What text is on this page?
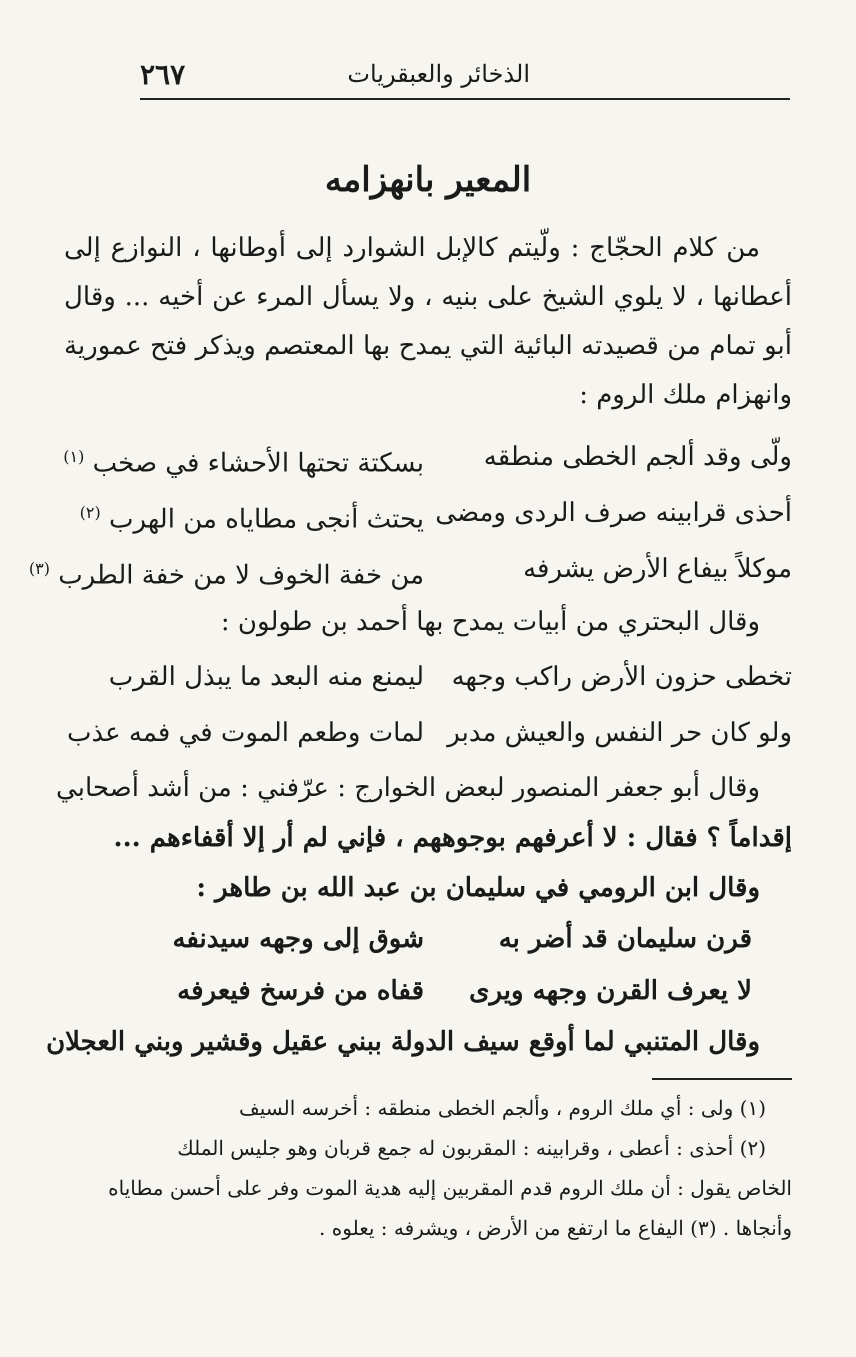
الذخائر والعبقريات
٢٦٧
المعير بانهزامه
من كلام الحجّاج : ولّيتم كالإبل الشوارد إلى أوطانها ، النوازع إلى أعطانها ، لا يلوي الشيخ على بنيه ، ولا يسأل المرء عن أخيه ... وقال أبو تمام من قصيدته البائية التي يمدح بها المعتصم ويذكر فتح عمورية وانهزام ملك الروم :
ولّى وقد ألجم الخطى منطقه
بسكتة تحتها الأحشاء في صخب $^{(١)}$
أحذى قرابينه صرف الردى ومضى
يحتث أنجى مطاياه من الهرب $^{(٢)}$
موكلاً بيفاع الأرض يشرفه
من خفة الخوف لا من خفة الطرب $^{(٣)}$
وقال البحتري من أبيات يمدح بها أحمد بن طولون :
تخطى حزون الأرض راكب وجهه
ليمنع منه البعد ما يبذل القرب
ولو كان حر النفس والعيش مدبر
لمات وطعم الموت في فمه عذب
وقال أبو جعفر المنصور لبعض الخوارج : عرّفني : من أشد أصحابي
إقداماً ؟ فقال : لا أعرفهم بوجوههم ، فإني لم أر إلا أقفاءهم ...
وقال ابن الرومي في سليمان بن عبد الله بن طاهر :
قرن سليمان قد أضر به
شوق إلى وجهه سيدنفه
لا يعرف القرن وجهه ويرى
قفاه من فرسخ فيعرفه
وقال المتنبي لما أوقع سيف الدولة ببني عقيل وقشير وبني العجلان
(١) ولى : أي ملك الروم ، وألجم الخطى منطقه : أخرسه السيف
(٢) أحذى : أعطى ، وقرابينه : المقربون له جمع قربان وهو جليس الملك
الخاص يقول : أن ملك الروم قدم المقربين إليه هدية الموت وفر على أحسن مطاياه
وأنجاها . (٣) اليفاع ما ارتفع من الأرض ، ويشرفه : يعلوه .
